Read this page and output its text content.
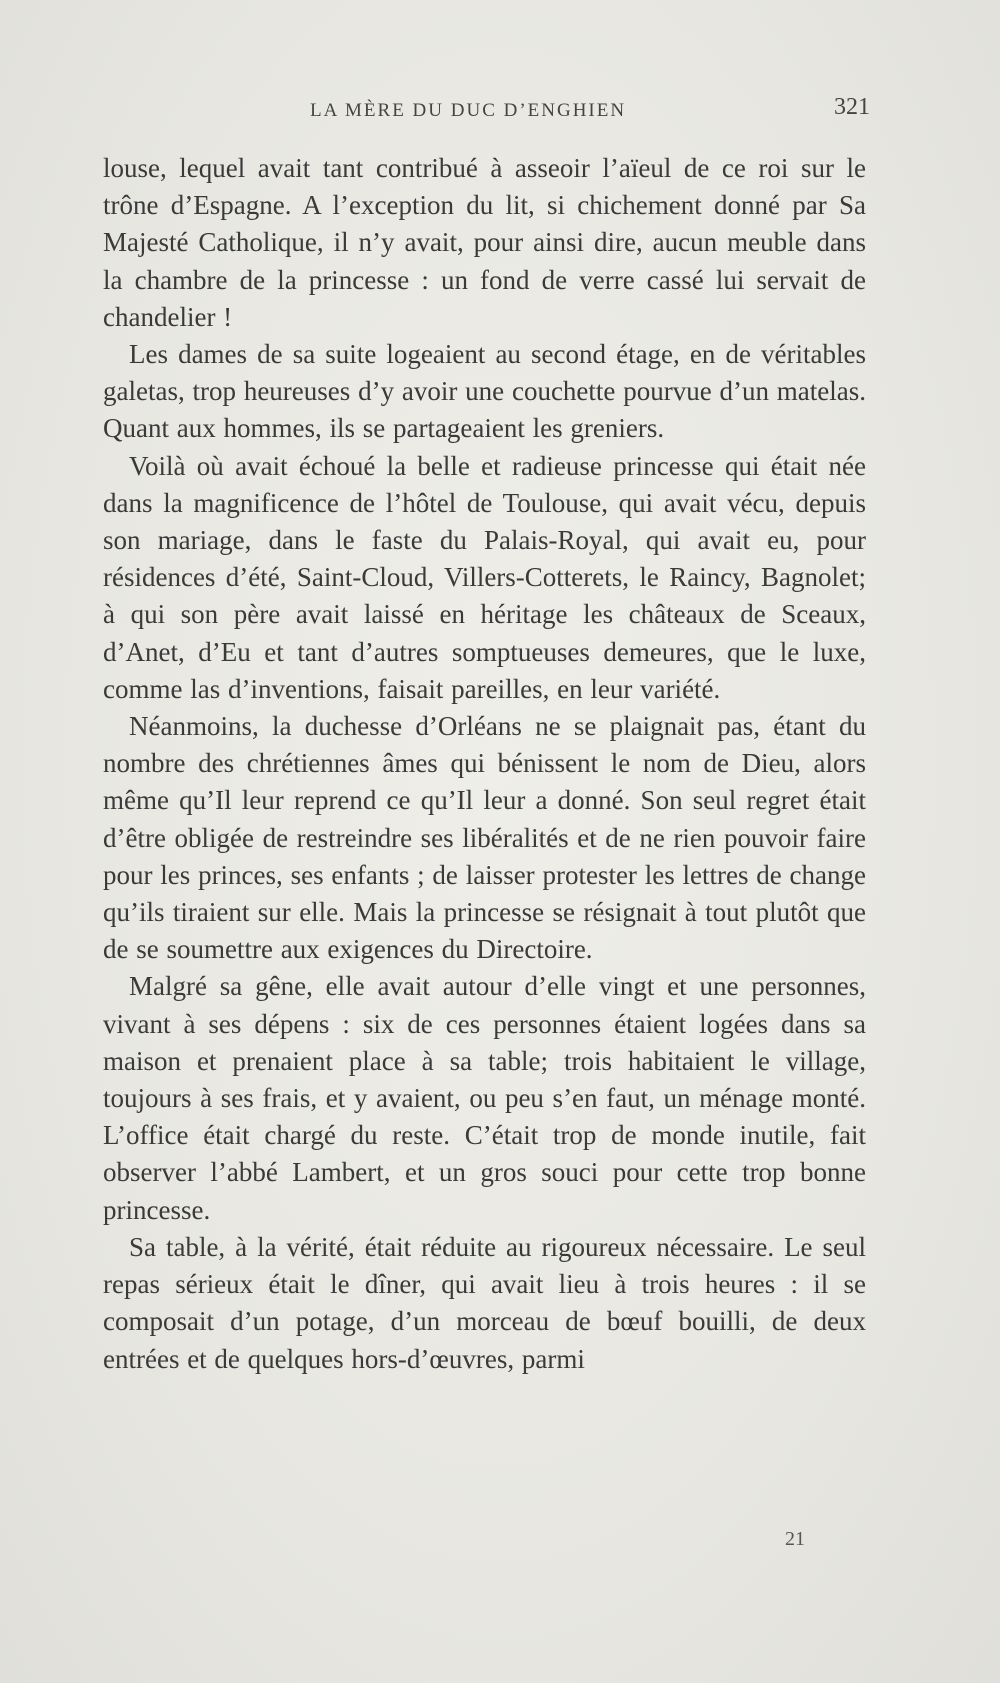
LA MÈRE DU DUC D’ENGHIEN	321

louse, lequel avait tant contribué à asseoir l’aïeul de ce roi sur le trône d’Espagne. A l’exception du lit, si chichement donné par Sa Majesté Catholique, il n’y avait, pour ainsi dire, aucun meuble dans la chambre de la princesse : un fond de verre cassé lui servait de chandelier !

Les dames de sa suite logeaient au second étage, en de véritables galetas, trop heureuses d’y avoir une couchette pourvue d’un matelas. Quant aux hommes, ils se partageaient les greniers.

Voilà où avait échoué la belle et radieuse princesse qui était née dans la magnificence de l’hôtel de Toulouse, qui avait vécu, depuis son mariage, dans le faste du Palais-Royal, qui avait eu, pour résidences d’été, Saint-Cloud, Villers-Cotterets, le Raincy, Bagnolet; à qui son père avait laissé en héritage les châteaux de Sceaux, d’Anet, d’Eu et tant d’autres somptueuses demeures, que le luxe, comme las d’inventions, faisait pareilles, en leur variété.

Néanmoins, la duchesse d’Orléans ne se plaignait pas, étant du nombre des chrétiennes âmes qui bénissent le nom de Dieu, alors même qu’Il leur reprend ce qu’Il leur a donné. Son seul regret était d’être obligée de restreindre ses libéralités et de ne rien pouvoir faire pour les princes, ses enfants ; de laisser protester les lettres de change qu’ils tiraient sur elle. Mais la princesse se résignait à tout plutôt que de se soumettre aux exigences du Directoire.

Malgré sa gêne, elle avait autour d’elle vingt et une personnes, vivant à ses dépens : six de ces personnes étaient logées dans sa maison et prenaient place à sa table; trois habitaient le village, toujours à ses frais, et y avaient, ou peu s’en faut, un ménage monté. L’office était chargé du reste. C’était trop de monde inutile, fait observer l’abbé Lambert, et un gros souci pour cette trop bonne princesse.

Sa table, à la vérité, était réduite au rigoureux nécessaire. Le seul repas sérieux était le dîner, qui avait lieu à trois heures : il se composait d’un potage, d’un morceau de bœuf bouilli, de deux entrées et de quelques hors-d’œuvres, parmi

21
